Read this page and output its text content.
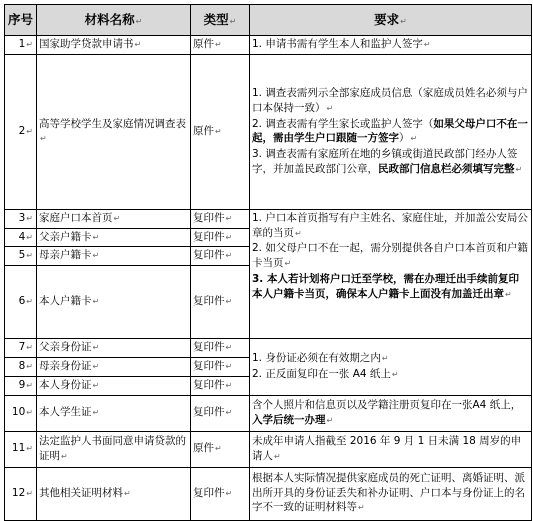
序号	材料名称↵	类型↵	要求↵
1↵	国家助学贷款申请书↵	原件↵	1. 申请书需有学生本人和监护人签字↵
2↵	高等学校学生及家庭情况调查表↵	原件↵	1. 调查表需列示全部家庭成员信息（家庭成员姓名必须与户口本保持一致）↵
2. 调查表需有学生家长或监护人签字（如果父母户口不在一起，需由学生户口跟随一方签字）↵
3. 调查表需有家庭所在地的乡镇或街道民政部门经办人签字，并加盖民政部门公章，民政部门信息栏必须填写完整↵

3↵	家庭户口本首页↵	复印件↵	1. 户口本首页指写有户主姓名、家庭住址，并加盖公安局公章的当页↵
2. 如父母户口不在一起，需分别提供各自户口本首页和户籍卡当页↵
3. 本人若计划将户口迁至学校，需在办理迁出手续前复印本人户籍卡当页，确保本人户籍卡上面没有加盖迁出章↵

4↵	父亲户籍卡↵	复印件↵	
5↵	母亲户籍卡↵	复印件↵	
6↵	本人户籍卡↵	复印件↵	
7↵	父亲身份证↵	复印件↵	1. 身份证必须在有效期之内↵
2. 正反面复印在一张 A4 纸上↵

8↵	母亲身份证↵	复印件↵	
9↵	本人身份证↵	复印件↵	
10↵	本人学生证↵	复印件↵	含个人照片和信息页以及学籍注册页复印在一张A4 纸上，入学后统一办理↵
11↵	法定监护人书面同意申请贷款的证明↵	原件↵	未成年申请人指截至 2016 年 9 月 1 日未满 18 周岁的申请人↵
12↵	其他相关证明材料↵	复印件↵	根据本人实际情况提供家庭成员的死亡证明、离婚证明、派出所开具的身份证丢失和补办证明、户口本与身份证上的名字不一致的证明材料等↵
